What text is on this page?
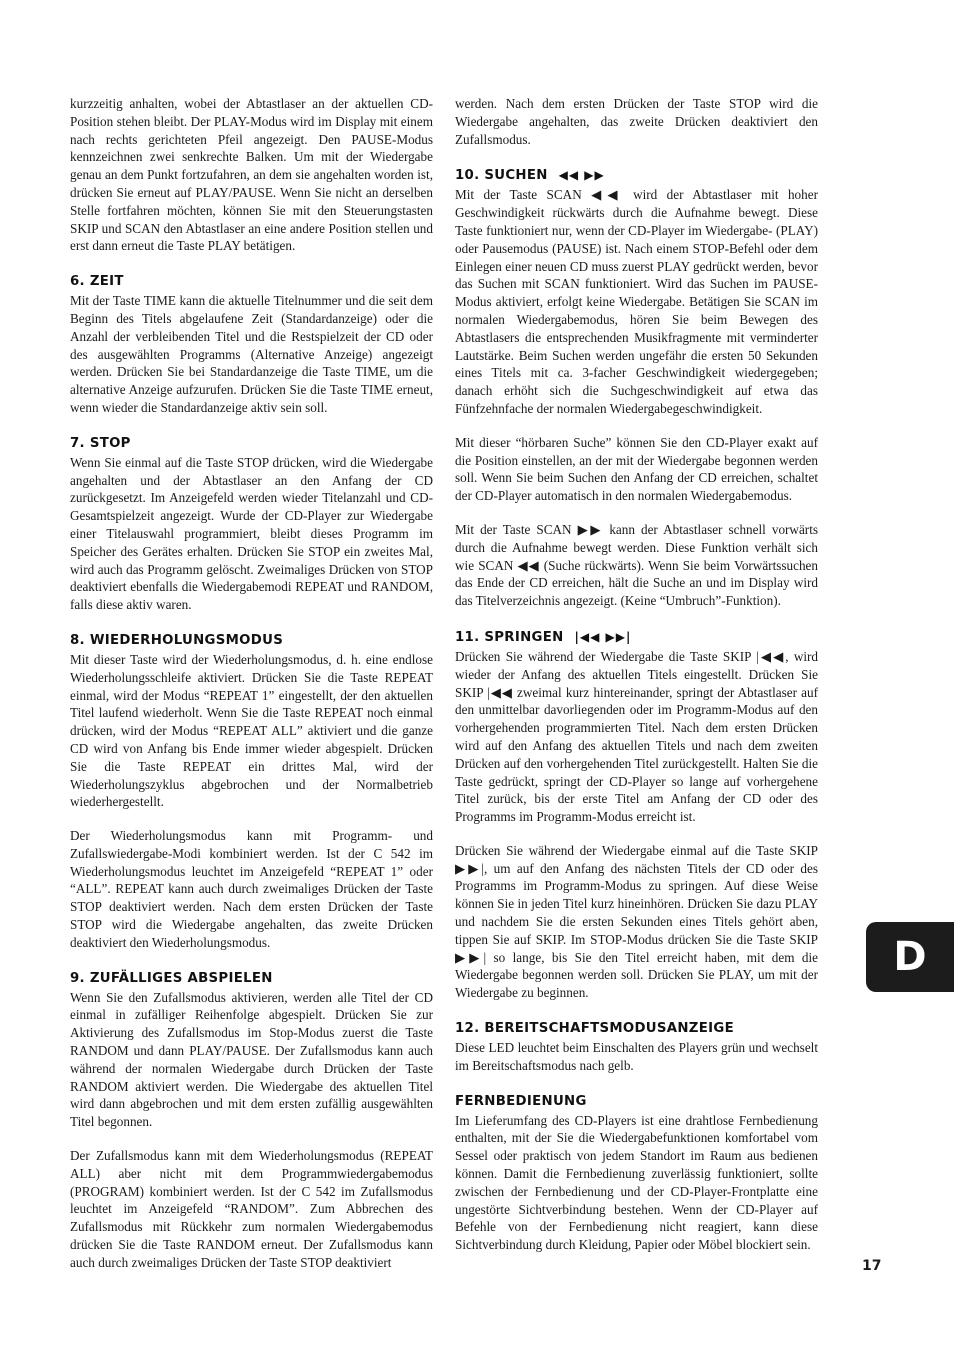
kurzzeitig anhalten, wobei der Abtastlaser an der aktuellen CD-Position stehen bleibt. Der PLAY-Modus wird im Display mit einem nach rechts gerichteten Pfeil angezeigt. Den PAUSE-Modus kennzeichnen zwei senkrechte Balken. Um mit der Wiedergabe genau an dem Punkt fortzufahren, an dem sie angehalten worden ist, drücken Sie erneut auf PLAY/PAUSE. Wenn Sie nicht an derselben Stelle fortfahren möchten, können Sie mit den Steuerungstasten SKIP und SCAN den Abtastlaser an eine andere Position stellen und erst dann erneut die Taste PLAY betätigen.

6. ZEIT

Mit der Taste TIME kann die aktuelle Titelnummer und die seit dem Beginn des Titels abgelaufene Zeit (Standardanzeige) oder die Anzahl der verbleibenden Titel und die Restspielzeit der CD oder des ausgewählten Programms (Alternative Anzeige) angezeigt werden. Drücken Sie bei Standardanzeige die Taste TIME, um die alternative Anzeige aufzurufen. Drücken Sie die Taste TIME erneut, wenn wieder die Standardanzeige aktiv sein soll.

7. STOP

Wenn Sie einmal auf die Taste STOP drücken, wird die Wiedergabe angehalten und der Abtastlaser an den Anfang der CD zurückgesetzt. Im Anzeigefeld werden wieder Titelanzahl und CD-Gesamtspielzeit angezeigt. Wurde der CD-Player zur Wiedergabe einer Titelauswahl programmiert, bleibt dieses Programm im Speicher des Gerätes erhalten. Drücken Sie STOP ein zweites Mal, wird auch das Programm gelöscht. Zweimaliges Drücken von STOP deaktiviert ebenfalls die Wiedergabemodi REPEAT und RANDOM, falls diese aktiv waren.

8. WIEDERHOLUNGSMODUS

Mit dieser Taste wird der Wiederholungsmodus, d. h. eine endlose Wiederholungsschleife aktiviert. Drücken Sie die Taste REPEAT einmal, wird der Modus “REPEAT 1” eingestellt, der den aktuellen Titel laufend wiederholt. Wenn Sie die Taste REPEAT noch einmal drücken, wird der Modus “REPEAT ALL” aktiviert und die ganze CD wird von Anfang bis Ende immer wieder abgespielt. Drücken Sie die Taste REPEAT ein drittes Mal, wird der Wiederholungszyklus abgebrochen und der Normalbetrieb wiederhergestellt.

Der Wiederholungsmodus kann mit Programm- und Zufallswiedergabe-Modi kombiniert werden. Ist der C 542 im Wiederholungsmodus leuchtet im Anzeigefeld “REPEAT 1” oder “ALL”. REPEAT kann auch durch zweimaliges Drücken der Taste STOP deaktiviert werden. Nach dem ersten Drücken der Taste STOP wird die Wiedergabe angehalten, das zweite Drücken deaktiviert den Wiederholungsmodus.

9. ZUFÄLLIGES ABSPIELEN

Wenn Sie den Zufallsmodus aktivieren, werden alle Titel der CD einmal in zufälliger Reihenfolge abgespielt. Drücken Sie zur Aktivierung des Zufallsmodus im Stop-Modus zuerst die Taste RANDOM und dann PLAY/PAUSE. Der Zufallsmodus kann auch während der normalen Wiedergabe durch Drücken der Taste RANDOM aktiviert werden. Die Wiedergabe des aktuellen Titel wird dann abgebrochen und mit dem ersten zufällig ausgewählten Titel begonnen.

Der Zufallsmodus kann mit dem Wiederholungsmodus (REPEAT ALL) aber nicht mit dem Programmwiedergabemodus (PROGRAM) kombiniert werden. Ist der C 542 im Zufallsmodus leuchtet im Anzeigefeld “RANDOM”. Zum Abbrechen des Zufallsmodus mit Rückkehr zum normalen Wiedergabemodus drücken Sie die Taste RANDOM erneut. Der Zufallsmodus kann auch durch zweimaliges Drücken der Taste STOP deaktiviert

werden. Nach dem ersten Drücken der Taste STOP wird die Wiedergabe angehalten, das zweite Drücken deaktiviert den Zufallsmodus.

10. SUCHEN ◀◀ ▶▶

Mit der Taste SCAN ◀◀ wird der Abtastlaser mit hoher Geschwindigkeit rückwärts durch die Aufnahme bewegt. Diese Taste funktioniert nur, wenn der CD-Player im Wiedergabe- (PLAY) oder Pausemodus (PAUSE) ist. Nach einem STOP-Befehl oder dem Einlegen einer neuen CD muss zuerst PLAY gedrückt werden, bevor das Suchen mit SCAN funktioniert. Wird das Suchen im PAUSE-Modus aktiviert, erfolgt keine Wiedergabe. Betätigen Sie SCAN im normalen Wiedergabemodus, hören Sie beim Bewegen des Abtastlasers die entsprechenden Musikfragmente mit verminderter Lautstärke. Beim Suchen werden ungefähr die ersten 50 Sekunden eines Titels mit ca. 3-facher Geschwindigkeit wiedergegeben; danach erhöht sich die Suchgeschwindigkeit auf etwa das Fünfzehnfache der normalen Wiedergabegeschwindigkeit.

Mit dieser “hörbaren Suche” können Sie den CD-Player exakt auf die Position einstellen, an der mit der Wiedergabe begonnen werden soll. Wenn Sie beim Suchen den Anfang der CD erreichen, schaltet der CD-Player automatisch in den normalen Wiedergabemodus.

Mit der Taste SCAN ▶▶ kann der Abtastlaser schnell vorwärts durch die Aufnahme bewegt werden. Diese Funktion verhält sich wie SCAN ◀◀ (Suche rückwärts). Wenn Sie beim Vorwärtssuchen das Ende der CD erreichen, hält die Suche an und im Display wird das Titelverzeichnis angezeigt. (Keine “Umbruch”-Funktion).

11. SPRINGEN |◀◀ ▶▶|

Drücken Sie während der Wiedergabe die Taste SKIP |◀◀, wird wieder der Anfang des aktuellen Titels eingestellt. Drücken Sie SKIP |◀◀ zweimal kurz hintereinander, springt der Abtastlaser auf den unmittelbar davorliegenden oder im Programm-Modus auf den vorhergehenden programmierten Titel. Nach dem ersten Drücken wird auf den Anfang des aktuellen Titels und nach dem zweiten Drücken auf den vorhergehenden Titel zurückgestellt. Halten Sie die Taste gedrückt, springt der CD-Player so lange auf vorhergehene Titel zurück, bis der erste Titel am Anfang der CD oder des Programms im Programm-Modus erreicht ist.

Drücken Sie während der Wiedergabe einmal auf die Taste SKIP ▶▶|, um auf den Anfang des nächsten Titels der CD oder des Programms im Programm-Modus zu springen. Auf diese Weise können Sie in jeden Titel kurz hineinhören. Drücken Sie dazu PLAY und nachdem Sie die ersten Sekunden eines Titels gehört aben, tippen Sie auf SKIP. Im STOP-Modus drücken Sie die Taste SKIP ▶▶| so lange, bis Sie den Titel erreicht haben, mit dem die Wiedergabe begonnen werden soll. Drücken Sie PLAY, um mit der Wiedergabe zu beginnen.

12. BEREITSCHAFTSMODUSANZEIGE

Diese LED leuchtet beim Einschalten des Players grün und wechselt im Bereitschaftsmodus nach gelb.

FERNBEDIENUNG

Im Lieferumfang des CD-Players ist eine drahtlose Fernbedienung enthalten, mit der Sie die Wiedergabefunktionen komfortabel vom Sessel oder praktisch von jedem Standort im Raum aus bedienen können. Damit die Fernbedienung zuverlässig funktioniert, sollte zwischen der Fernbedienung und der CD-Player-Frontplatte eine ungestörte Sichtverbindung bestehen. Wenn der CD-Player auf Befehle von der Fernbedienung nicht reagiert, kann diese Sichtverbindung durch Kleidung, Papier oder Möbel blockiert sein.

D
17
